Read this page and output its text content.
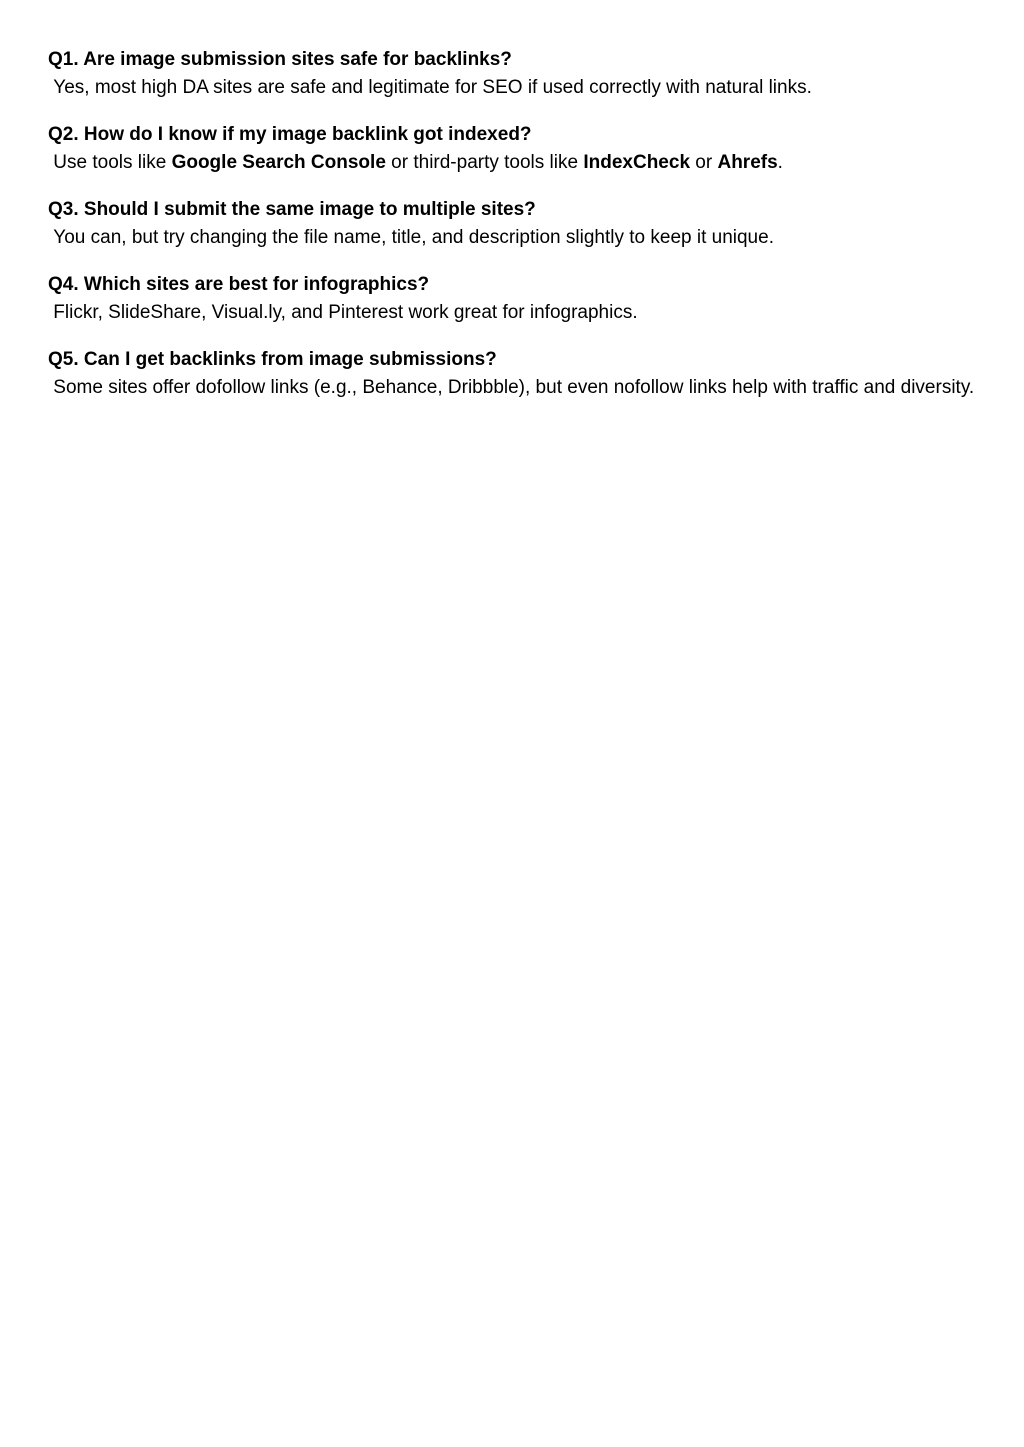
Q1. Are image submission sites safe for backlinks?

Yes, most high DA sites are safe and legitimate for SEO if used correctly with natural links.

Q2. How do I know if my image backlink got indexed?

Use tools like Google Search Console or third-party tools like IndexCheck or Ahrefs.

Q3. Should I submit the same image to multiple sites?

You can, but try changing the file name, title, and description slightly to keep it unique.

Q4. Which sites are best for infographics?

Flickr, SlideShare, Visual.ly, and Pinterest work great for infographics.

Q5. Can I get backlinks from image submissions?

Some sites offer dofollow links (e.g., Behance, Dribbble), but even nofollow links help with traffic and diversity.
